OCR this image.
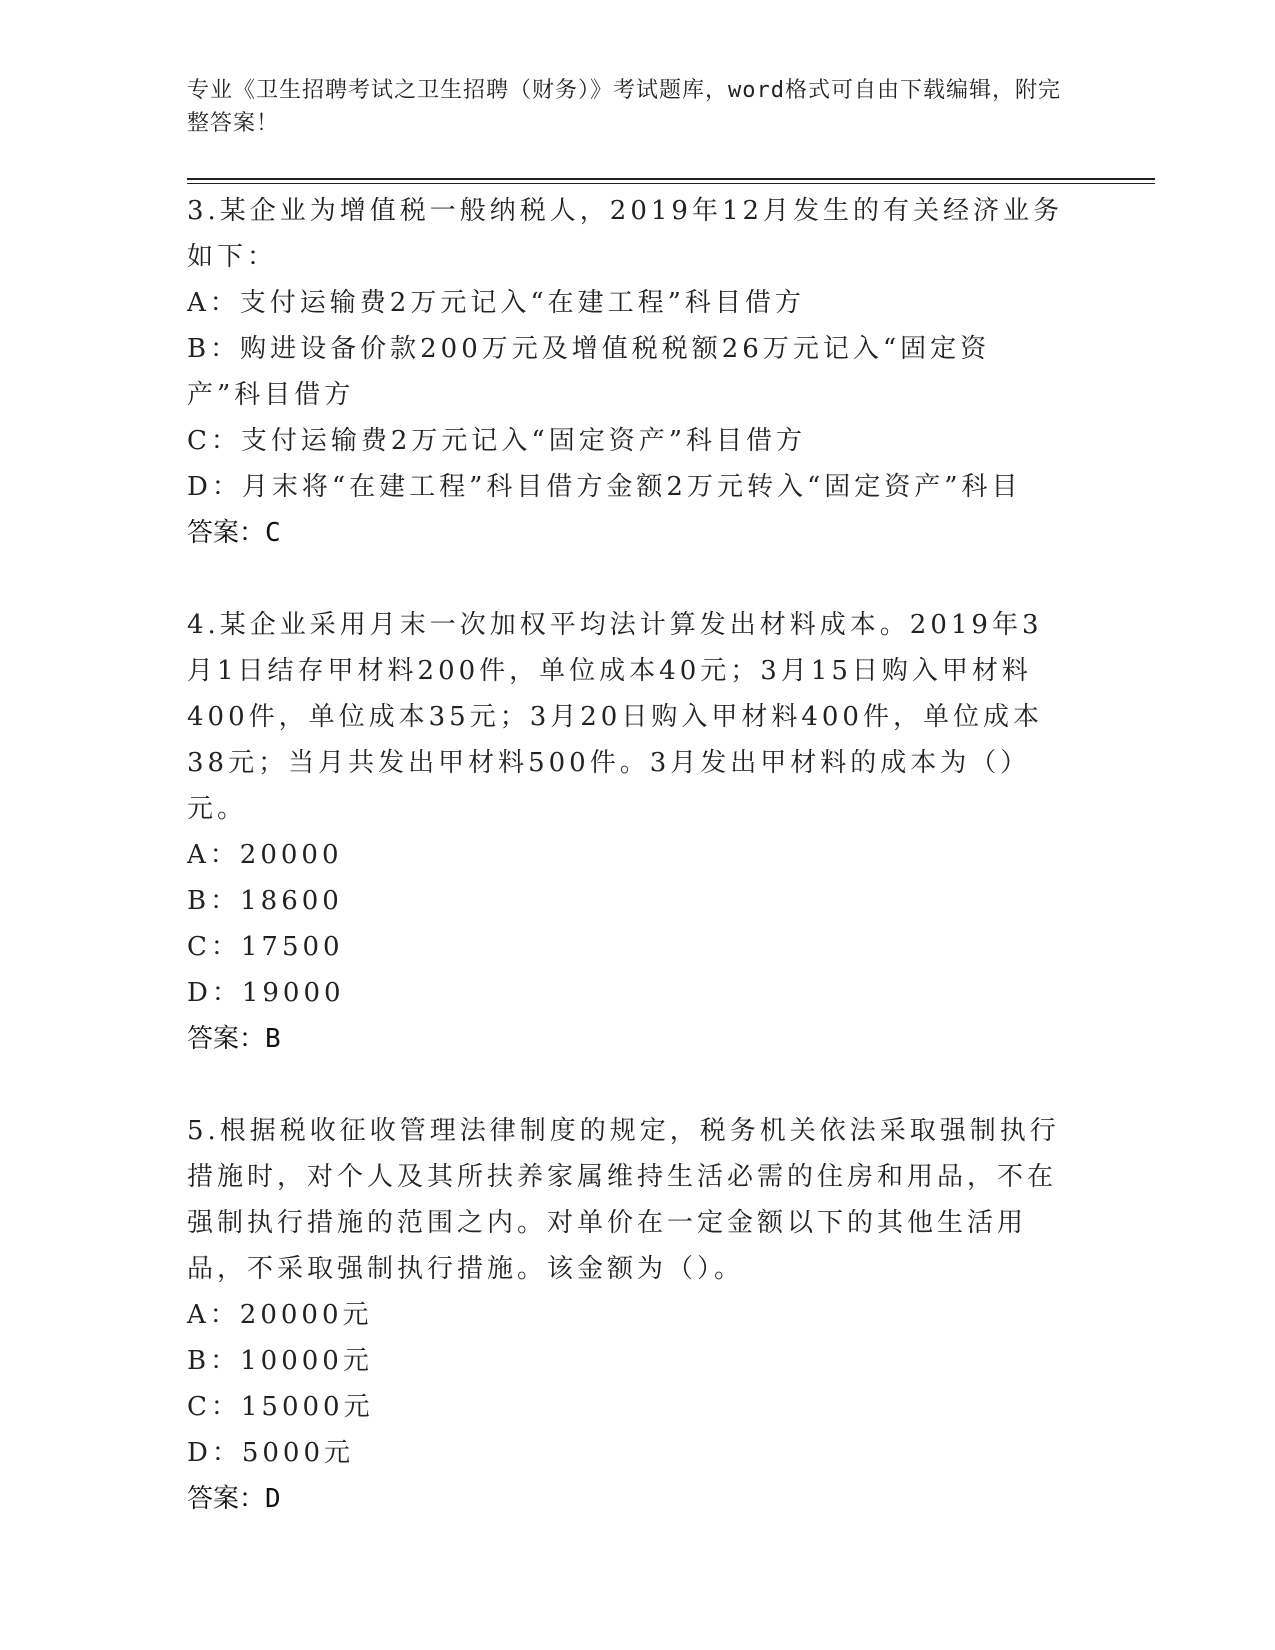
专业《卫生招聘考试之卫生招聘（财务）》考试题库，word格式可自由下载编辑，附完整答案！

3.某企业为增值税一般纳税人，2019年12月发生的有关经济业务如下：

A：支付运输费2万元记入“在建工程”科目借方

B：购进设备价款200万元及增值税税额26万元记入“固定资产”科目借方

C：支付运输费2万元记入“固定资产”科目借方

D：月末将“在建工程”科目借方金额2万元转入“固定资产”科目

答案：C

4.某企业采用月末一次加权平均法计算发出材料成本。2019年3月1日结存甲材料200件，单位成本40元；3月15日购入甲材料400件，单位成本35元；3月20日购入甲材料400件，单位成本38元；当月共发出甲材料500件。3月发出甲材料的成本为（）元。

A：20000

B：18600

C：17500

D：19000

答案：B

5.根据税收征收管理法律制度的规定，税务机关依法采取强制执行措施时，对个人及其所扶养家属维持生活必需的住房和用品，不在强制执行措施的范围之内。对单价在一定金额以下的其他生活用品，不采取强制执行措施。该金额为（）。

A：20000元

B：10000元

C：15000元

D：5000元

答案：D
